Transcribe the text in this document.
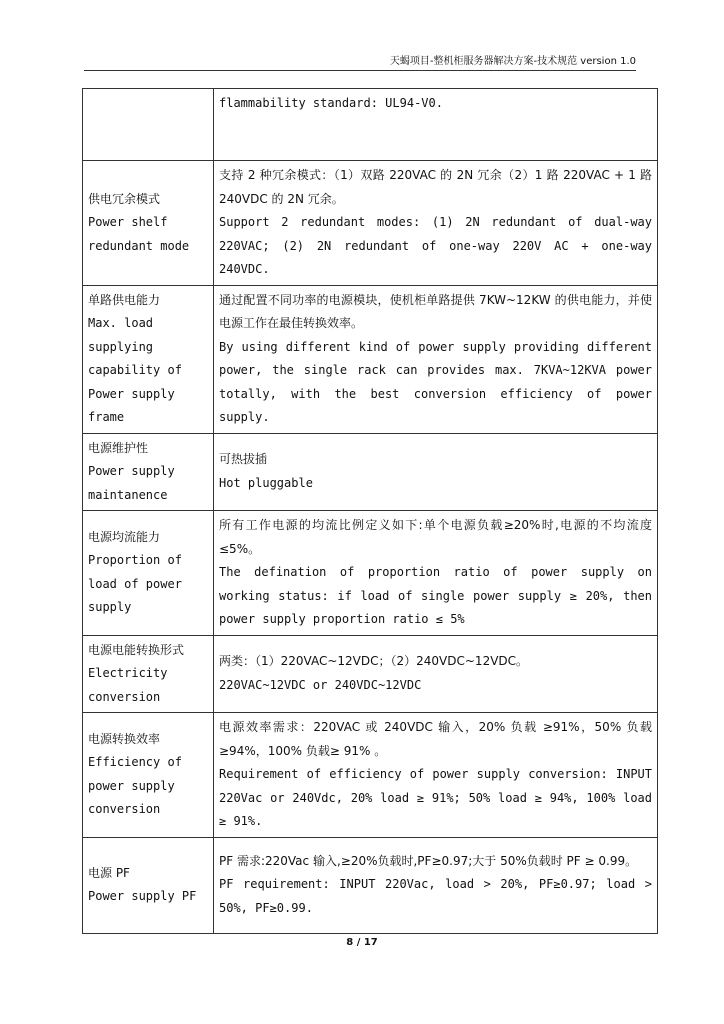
天蝎项目-整机柜服务器解决方案-技术规范 version 1.0

	flammability standard: UL94-V0.

供电冗余模式
Power shelf redundant mode	支持 2 种冗余模式：（1）双路 220VAC 的 2N 冗余（2）1 路 220VAC + 1 路 240VDC 的 2N 冗余。
Support 2 redundant modes: (1) 2N redundant of dual-way 220VAC; (2) 2N redundant of one-way 220V AC + one-way 240VDC.

单路供电能力
Max. load supplying capability of Power supply frame	通过配置不同功率的电源模块，使机柜单路提供 7KW~12KW 的供电能力，并使电源工作在最佳转换效率。
By using different kind of power supply providing different power, the single rack can provides max. 7KVA~12KVA power totally, with the best conversion efficiency of power supply.

电源维护性
Power supply maintanence	可热拔插
Hot pluggable

电源均流能力
Proportion of load of power supply	所有工作电源的均流比例定义如下:单个电源负载≥20%时,电源的不均流度≤5%。
The defination of proportion ratio of power supply on working status: if load of single power supply ≥ 20%, then power supply proportion ratio ≤ 5%

电源电能转换形式
Electricity conversion	两类：（1）220VAC~12VDC；（2）240VDC~12VDC。
220VAC~12VDC or 240VDC~12VDC

电源转换效率
Efficiency of power supply conversion	电源效率需求：220VAC 或 240VDC 输入，20% 负载 ≥91%，50% 负载 ≥94%，100% 负载≥ 91% 。
Requirement of efficiency of power supply conversion: INPUT 220Vac or 240Vdc, 20% load ≥ 91%; 50% load ≥ 94%, 100% load ≥ 91%.

电源 PF
Power supply PF	PF 需求:220Vac 输入,≥20%负载时,PF≥0.97;大于 50%负载时 PF ≥ 0.99。
PF requirement: INPUT 220Vac, load > 20%, PF≥0.97; load > 50%, PF≥0.99.
8 / 17
